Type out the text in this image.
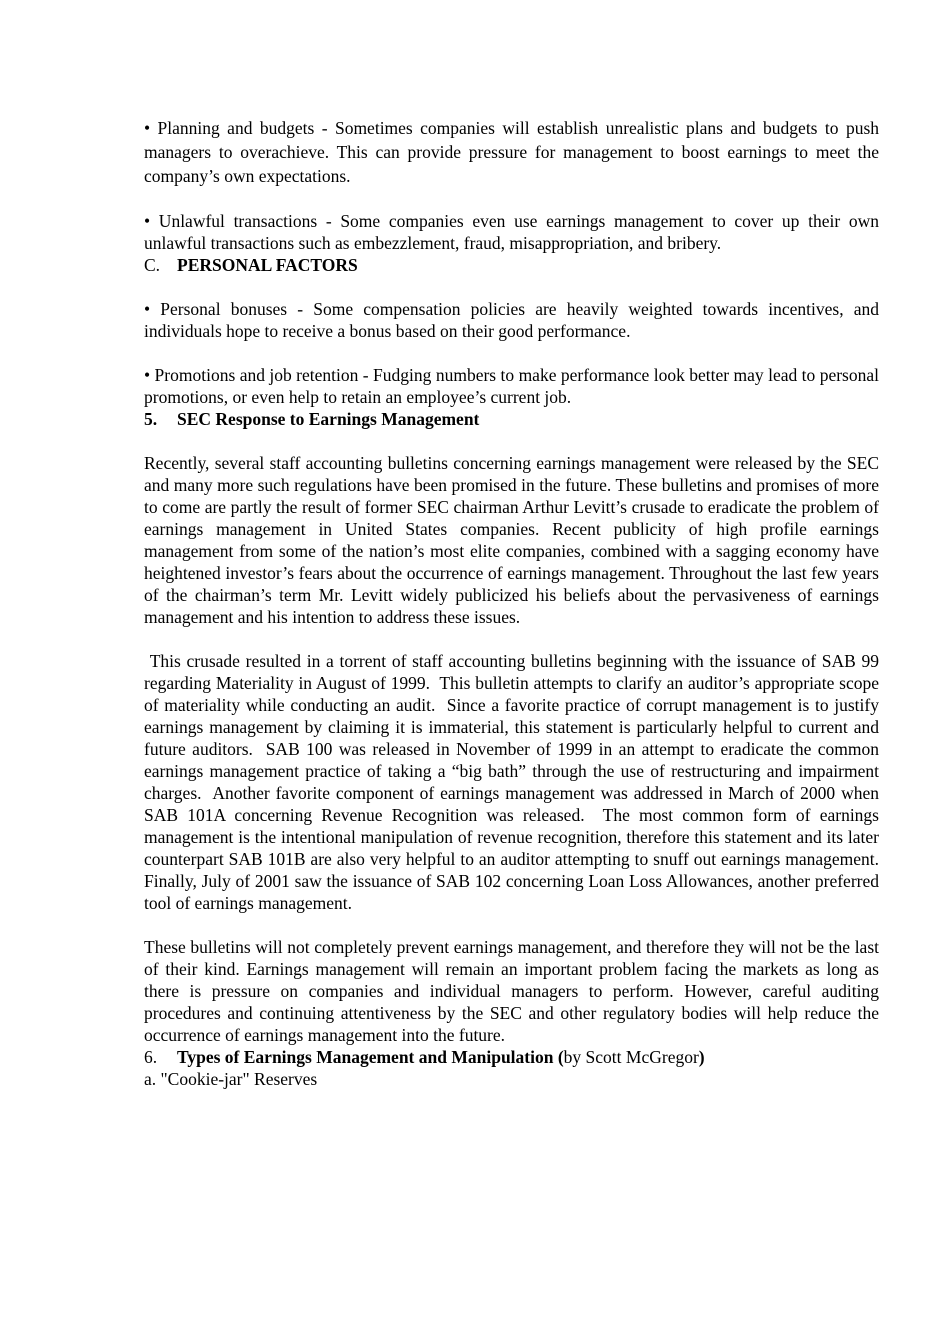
• Planning and budgets - Sometimes companies will establish unrealistic plans and budgets to push managers to overachieve. This can provide pressure for management to boost earnings to meet the company’s own expectations.

• Unlawful transactions - Some companies even use earnings management to cover up their own unlawful transactions such as embezzlement, fraud, misappropriation, and bribery.

C. PERSONAL FACTORS

• Personal bonuses - Some compensation policies are heavily weighted towards incentives, and individuals hope to receive a bonus based on their good performance.

• Promotions and job retention - Fudging numbers to make performance look better may lead to personal promotions, or even help to retain an employee’s current job.

5. SEC Response to Earnings Management

Recently, several staff accounting bulletins concerning earnings management were released by the SEC and many more such regulations have been promised in the future. These bulletins and promises of more to come are partly the result of former SEC chairman Arthur Levitt’s crusade to eradicate the problem of earnings management in United States companies. Recent publicity of high profile earnings management from some of the nation’s most elite companies, combined with a sagging economy have heightened investor’s fears about the occurrence of earnings management. Throughout the last few years of the chairman’s term Mr. Levitt widely publicized his beliefs about the pervasiveness of earnings management and his intention to address these issues.

This crusade resulted in a torrent of staff accounting bulletins beginning with the issuance of SAB 99 regarding Materiality in August of 1999.  This bulletin attempts to clarify an auditor’s appropriate scope of materiality while conducting an audit.  Since a favorite practice of corrupt management is to justify earnings management by claiming it is immaterial, this statement is particularly helpful to current and future auditors.  SAB 100 was released in November of 1999 in an attempt to eradicate the common earnings management practice of taking a “big bath” through the use of restructuring and impairment charges.  Another favorite component of earnings management was addressed in March of 2000 when SAB 101A concerning Revenue Recognition was released.  The most common form of earnings management is the intentional manipulation of revenue recognition, therefore this statement and its later counterpart SAB 101B are also very helpful to an auditor attempting to snuff out earnings management.  Finally, July of 2001 saw the issuance of SAB 102 concerning Loan Loss Allowances, another preferred tool of earnings management.

These bulletins will not completely prevent earnings management, and therefore they will not be the last of their kind. Earnings management will remain an important problem facing the markets as long as there is pressure on companies and individual managers to perform. However, careful auditing procedures and continuing attentiveness by the SEC and other regulatory bodies will help reduce the occurrence of earnings management into the future.

6. Types of Earnings Management and Manipulation (by Scott McGregor)

a. "Cookie-jar" Reserves
